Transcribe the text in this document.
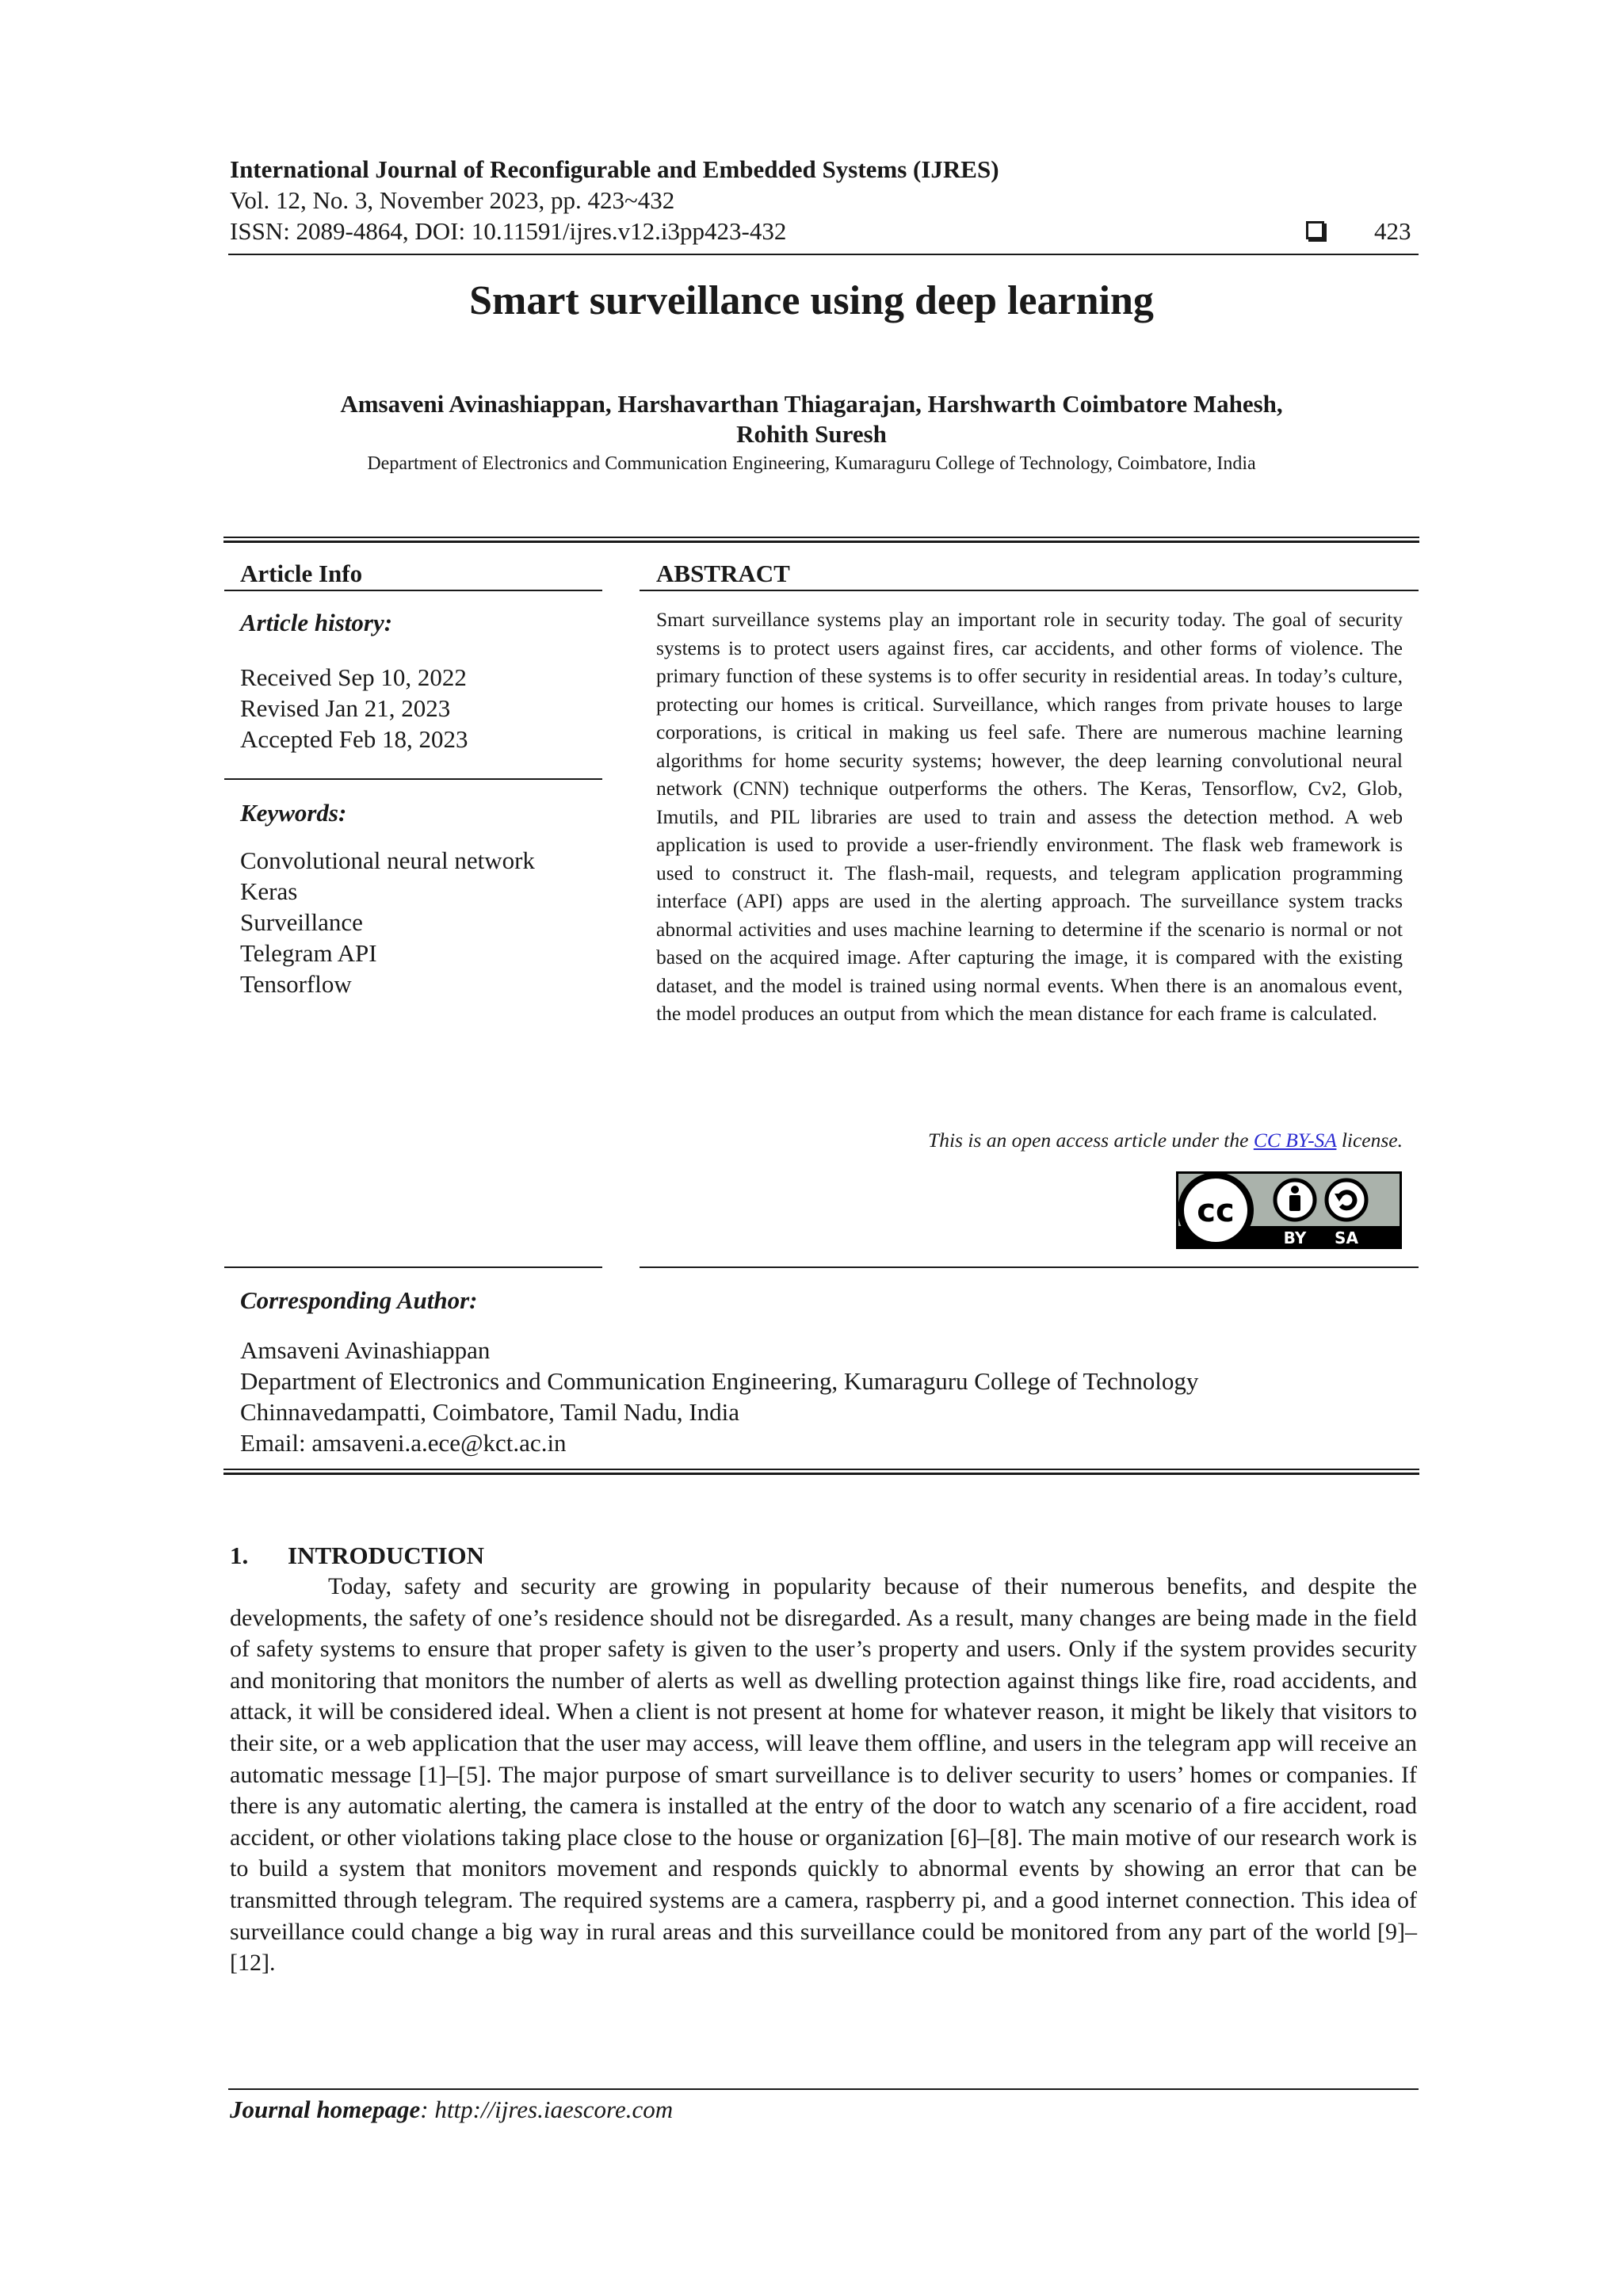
International Journal of Reconfigurable and Embedded Systems (IJRES)
Vol. 12, No. 3, November 2023, pp. 423~432
ISSN: 2089-4864, DOI: 10.11591/ijres.v12.i3pp423-432	423
Smart surveillance using deep learning
Amsaveni Avinashiappan, Harshavarthan Thiagarajan, Harshwarth Coimbatore Mahesh,
Rohith Suresh
Department of Electronics and Communication Engineering, Kumaraguru College of Technology, Coimbatore, India
Article Info
Article history:
Received Sep 10, 2022
Revised Jan 21, 2023
Accepted Feb 18, 2023
Keywords:
Convolutional neural network
Keras
Surveillance
Telegram API
Tensorflow
ABSTRACT
Smart surveillance systems play an important role in security today. The goal of security systems is to protect users against fires, car accidents, and other forms of violence. The primary function of these systems is to offer security in residential areas. In today’s culture, protecting our homes is critical. Surveillance, which ranges from private houses to large corporations, is critical in making us feel safe. There are numerous machine learning algorithms for home security systems; however, the deep learning convolutional neural network (CNN) technique outperforms the others. The Keras, Tensorflow, Cv2, Glob, Imutils, and PIL libraries are used to train and assess the detection method. A web application is used to provide a user-friendly environment. The flask web framework is used to construct it. The flash-mail, requests, and telegram application programming interface (API) apps are used in the alerting approach. The surveillance system tracks abnormal activities and uses machine learning to determine if the scenario is normal or not based on the acquired image. After capturing the image, it is compared with the existing dataset, and the model is trained using normal events. When there is an anomalous event, the model produces an output from which the mean distance for each frame is calculated.
This is an open access article under the CC BY-SA license.
cc
BY SA
Corresponding Author:
Amsaveni Avinashiappan
Department of Electronics and Communication Engineering, Kumaraguru College of Technology
Chinnavedampatti, Coimbatore, Tamil Nadu, India
Email: amsaveni.a.ece@kct.ac.in
1. INTRODUCTION
Today, safety and security are growing in popularity because of their numerous benefits, and despite the developments, the safety of one’s residence should not be disregarded. As a result, many changes are being made in the field of safety systems to ensure that proper safety is given to the user’s property and users. Only if the system provides security and monitoring that monitors the number of alerts as well as dwelling protection against things like fire, road accidents, and attack, it will be considered ideal. When a client is not present at home for whatever reason, it might be likely that visitors to their site, or a web application that the user may access, will leave them offline, and users in the telegram app will receive an automatic message [1]–[5]. The major purpose of smart surveillance is to deliver security to users’ homes or companies. If there is any automatic alerting, the camera is installed at the entry of the door to watch any scenario of a fire accident, road accident, or other violations taking place close to the house or organization [6]–[8]. The main motive of our research work is to build a system that monitors movement and responds quickly to abnormal events by showing an error that can be transmitted through telegram. The required systems are a camera, raspberry pi, and a good internet connection. This idea of surveillance could change a big way in rural areas and this surveillance could be monitored from any part of the world [9]–[12].
Journal homepage: http://ijres.iaescore.com
